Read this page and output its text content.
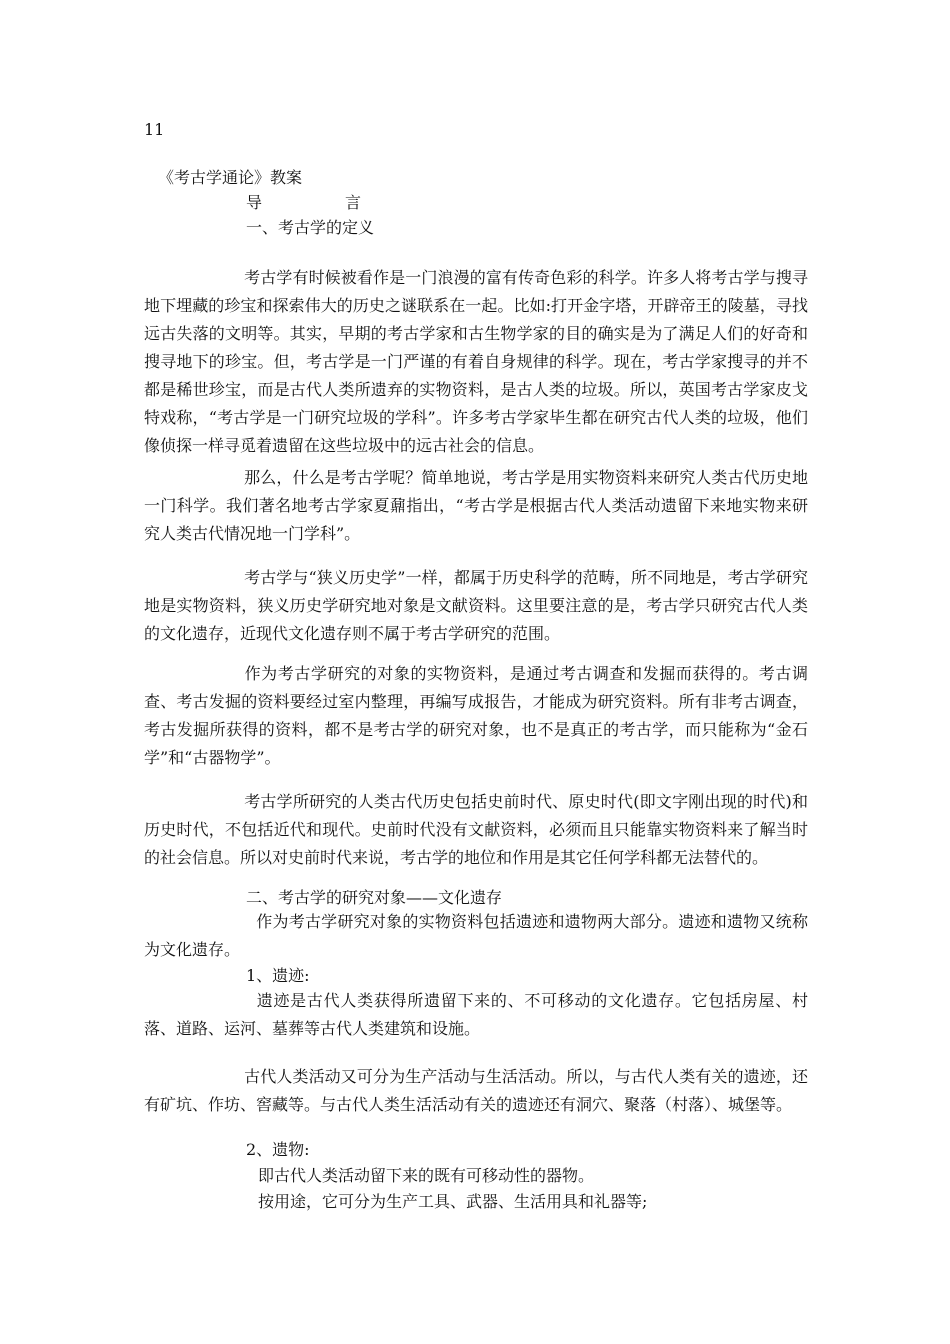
11
《考古学通论》教案
导	言
一、考古学的定义
考古学有时候被看作是一门浪漫的富有传奇色彩的科学。许多人将考古学与搜寻地下埋藏的珍宝和探索伟大的历史之谜联系在一起。比如:打开金字塔，开辟帝王的陵墓，寻找远古失落的文明等。其实，早期的考古学家和古生物学家的目的确实是为了满足人们的好奇和搜寻地下的珍宝。但，考古学是一门严谨的有着自身规律的科学。现在，考古学家搜寻的并不都是稀世珍宝，而是古代人类所遗弃的实物资料，是古人类的垃圾。所以，英国考古学家皮戈特戏称，“考古学是一门研究垃圾的学科”。许多考古学家毕生都在研究古代人类的垃圾，他们像侦探一样寻觅着遗留在这些垃圾中的远古社会的信息。
那么，什么是考古学呢？简单地说，考古学是用实物资料来研究人类古代历史地一门科学。我们著名地考古学家夏鼐指出，“考古学是根据古代人类活动遗留下来地实物来研究人类古代情况地一门学科”。
考古学与“狭义历史学”一样，都属于历史科学的范畴，所不同地是，考古学研究地是实物资料，狭义历史学研究地对象是文献资料。这里要注意的是，考古学只研究古代人类的文化遗存，近现代文化遗存则不属于考古学研究的范围。
作为考古学研究的对象的实物资料，是通过考古调查和发掘而获得的。考古调查、考古发掘的资料要经过室内整理，再编写成报告，才能成为研究资料。所有非考古调查，考古发掘所获得的资料，都不是考古学的研究对象，也不是真正的考古学，而只能称为“金石学”和“古器物学”。
考古学所研究的人类古代历史包括史前时代、原史时代(即文字刚出现的时代)和历史时代，不包括近代和现代。史前时代没有文献资料，必须而且只能靠实物资料来了解当时的社会信息。所以对史前时代来说，考古学的地位和作用是其它任何学科都无法替代的。
二、考古学的研究对象——文化遗存
作为考古学研究对象的实物资料包括遗迹和遗物两大部分。遗迹和遗物又统称为文化遗存。
1、遗迹:
遗迹是古代人类获得所遗留下来的、不可移动的文化遗存。它包括房屋、村落、道路、运河、墓葬等古代人类建筑和设施。
古代人类活动又可分为生产活动与生活活动。所以，与古代人类有关的遗迹，还有矿坑、作坊、窖藏等。与古代人类生活活动有关的遗迹还有洞穴、聚落（村落）、城堡等。
2、遗物:
即古代人类活动留下来的既有可移动性的器物。
按用途，它可分为生产工具、武器、生活用具和礼器等;
